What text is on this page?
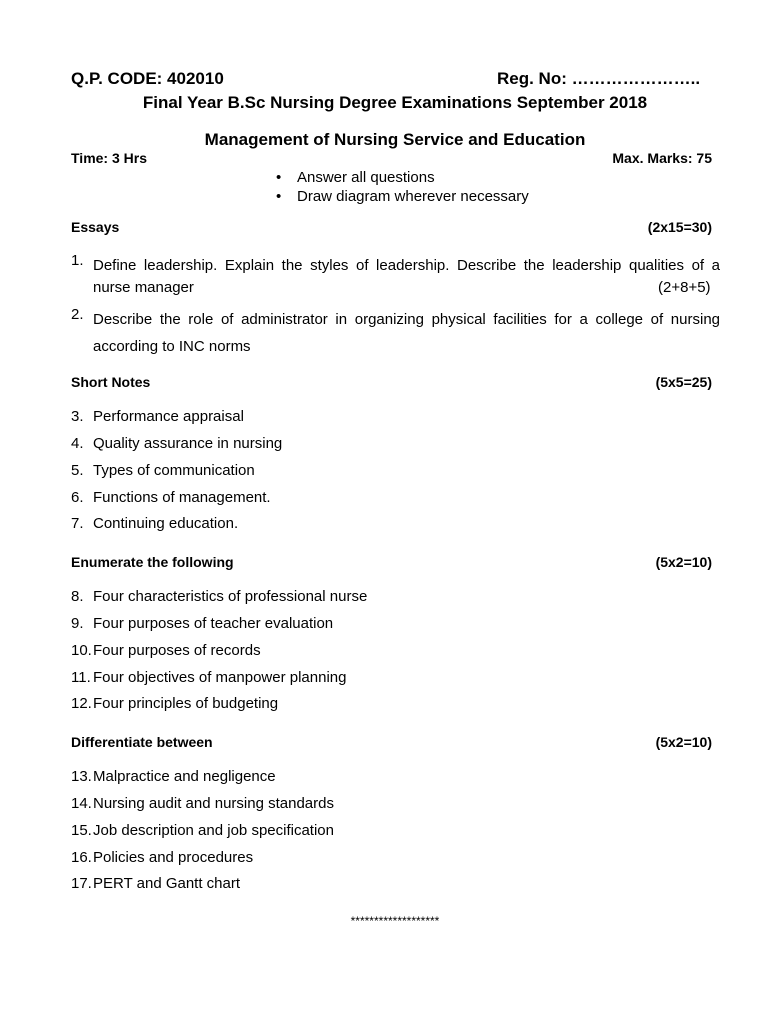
Q.P. CODE: 402010	Reg. No: …………………..
Final Year B.Sc Nursing Degree Examinations September 2018
Management of Nursing Service and Education
Time: 3 Hrs	Max. Marks: 75
• Answer all questions
• Draw diagram wherever necessary
Essays	(2x15=30)
1. Define leadership. Explain the styles of leadership. Describe the leadership qualities of a
nurse manager	(2+8+5)
2. Describe the role of administrator in organizing physical facilities for a college of nursing according to INC norms
Short Notes	(5x5=25)
3. Performance appraisal
4. Quality assurance in nursing
5. Types of communication
6. Functions of management.
7. Continuing education.
Enumerate the following	(5x2=10)
8. Four characteristics of professional nurse
9. Four purposes of teacher evaluation
10.Four purposes of records
11. Four objectives of manpower planning
12.Four principles of budgeting
Differentiate between	(5x2=10)
13.Malpractice and negligence
14.Nursing audit and nursing standards
15.Job description and job specification
16.Policies and procedures
17.PERT and Gantt chart
*******************
